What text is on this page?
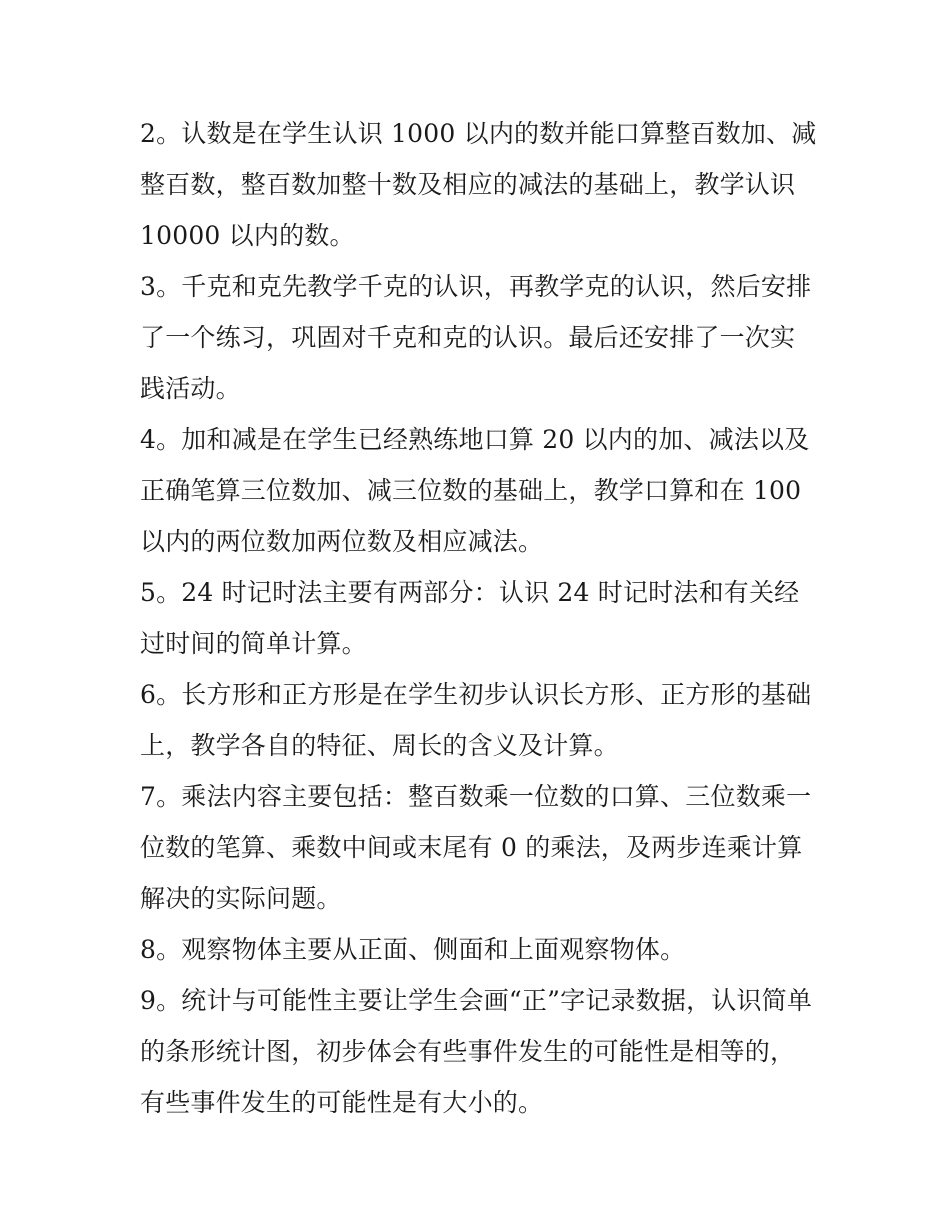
2。认数是在学生认识 1000 以内的数并能口算整百数加、减整百数，整百数加整十数及相应的减法的基础上，教学认识 10000 以内的数。

3。千克和克先教学千克的认识，再教学克的认识，然后安排了一个练习，巩固对千克和克的认识。最后还安排了一次实践活动。

4。加和减是在学生已经熟练地口算 20 以内的加、减法以及正确笔算三位数加、减三位数的基础上，教学口算和在 100 以内的两位数加两位数及相应减法。

5。24 时记时法主要有两部分：认识 24 时记时法和有关经过时间的简单计算。

6。长方形和正方形是在学生初步认识长方形、正方形的基础上，教学各自的特征、周长的含义及计算。

7。乘法内容主要包括：整百数乘一位数的口算、三位数乘一位数的笔算、乘数中间或末尾有 0 的乘法，及两步连乘计算解决的实际问题。

8。观察物体主要从正面、侧面和上面观察物体。

9。统计与可能性主要让学生会画“正”字记录数据，认识简单的条形统计图，初步体会有些事件发生的可能性是相等的，有些事件发生的可能性是有大小的。
